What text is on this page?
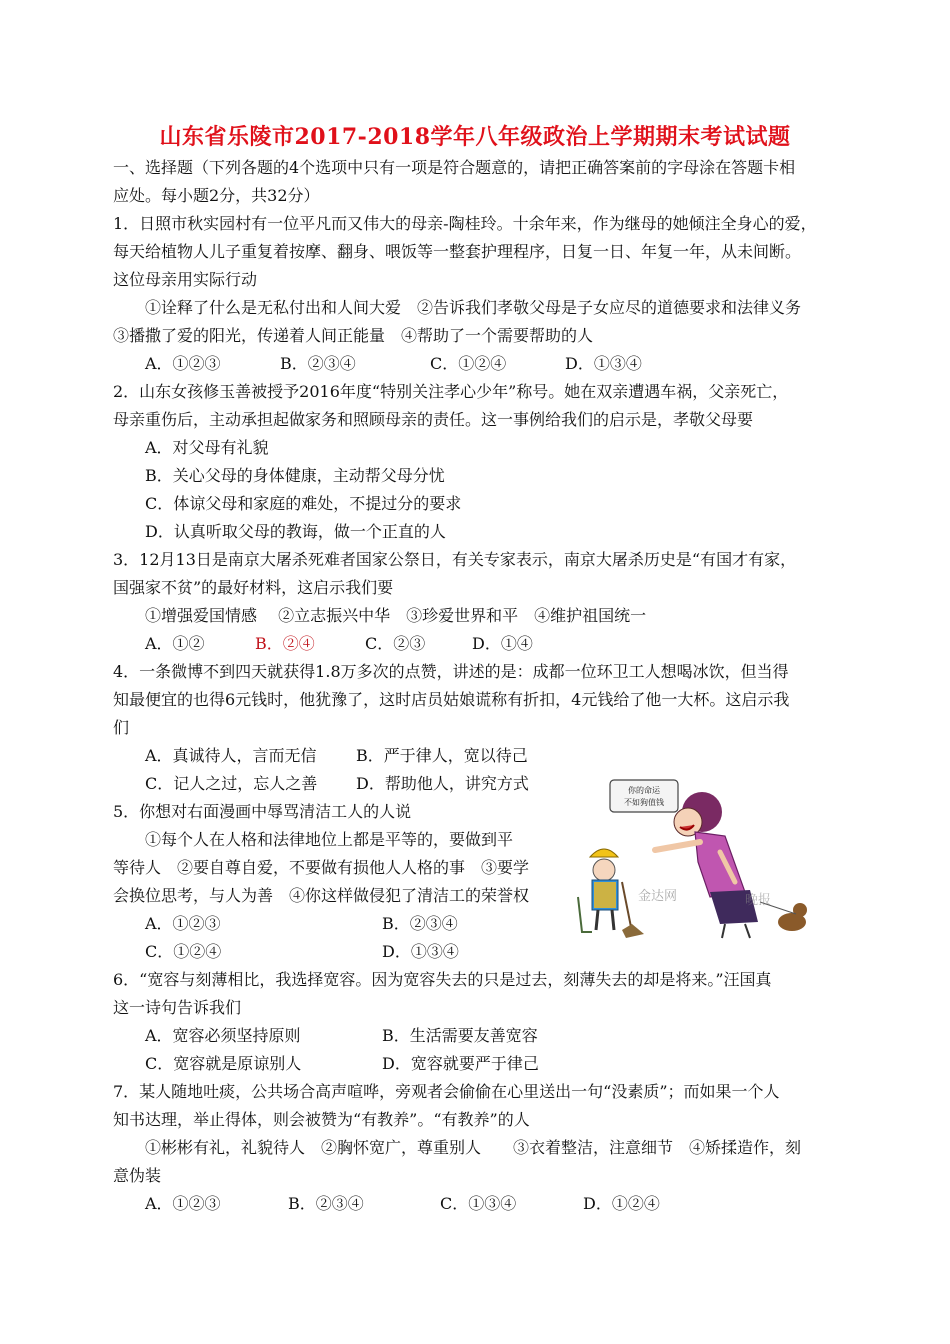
山东省乐陵市2017-2018学年八年级政治上学期期末考试试题
一、选择题（下列各题的4个选项中只有一项是符合题意的，请把正确答案前的字母涂在答题卡相
应处。每小题2分，共32分）
1．日照市秋实园村有一位平凡而又伟大的母亲-陶桂玲。十余年来，作为继母的她倾注全身心的爱，
每天给植物人儿子重复着按摩、翻身、喂饭等一整套护理程序，日复一日、年复一年，从未间断。
这位母亲用实际行动
①诠释了什么是无私付出和人间大爱　②告诉我们孝敬父母是子女应尽的道德要求和法律义务
③播撒了爱的阳光，传递着人间正能量　④帮助了一个需要帮助的人
A．①②③	B．②③④	C．①②④	D．①③④
2．山东女孩修玉善被授予2016年度“特别关注孝心少年”称号。她在双亲遭遇车祸，父亲死亡，
母亲重伤后，主动承担起做家务和照顾母亲的责任。这一事例给我们的启示是，孝敬父母要
A．对父母有礼貌
B．关心父母的身体健康，主动帮父母分忧
C．体谅父母和家庭的难处，不提过分的要求
D．认真听取父母的教诲，做一个正直的人
3．12月13日是南京大屠杀死难者国家公祭日，有关专家表示，南京大屠杀历史是“有国才有家，
国强家不贫”的最好材料，这启示我们要
①增强爱国情感　 ②立志振兴中华　③珍爱世界和平　④维护祖国统一
A．①②	B．②④	C．②③	D．①④
4．一条微博不到四天就获得1.8万多次的点赞，讲述的是：成都一位环卫工人想喝冰饮，但当得
知最便宜的也得6元钱时，他犹豫了，这时店员姑娘谎称有折扣，4元钱给了他一大杯。这启示我
们
A．真诚待人，言而无信 B．严于律人，宽以待己
C．记人之过，忘人之善 D．帮助他人，讲究方式
5．你想对右面漫画中辱骂清洁工人的人说
①每个人在人格和法律地位上都是平等的，要做到平
等待人　②要自尊自爱，不要做有损他人人格的事　③要学
会换位思考，与人为善　④你这样做侵犯了清洁工的荣誉权
A．①②③	B．②③④
C．①②④	D．①③④
你的命运
不如狗值钱
金达网	晚报
6．“宽容与刻薄相比，我选择宽容。因为宽容失去的只是过去，刻薄失去的却是将来。”汪国真
这一诗句告诉我们
A．宽容必须坚持原则	B．生活需要友善宽容
C．宽容就是原谅别人	D．宽容就要严于律己
7．某人随地吐痰，公共场合高声喧哗，旁观者会偷偷在心里送出一句“没素质”；而如果一个人
知书达理，举止得体，则会被赞为“有教养”。“有教养”的人
①彬彬有礼，礼貌待人　②胸怀宽广，尊重别人　　③衣着整洁，注意细节　④矫揉造作，刻
意伪装
A．①②③	B．②③④	C．①③④	D．①②④
